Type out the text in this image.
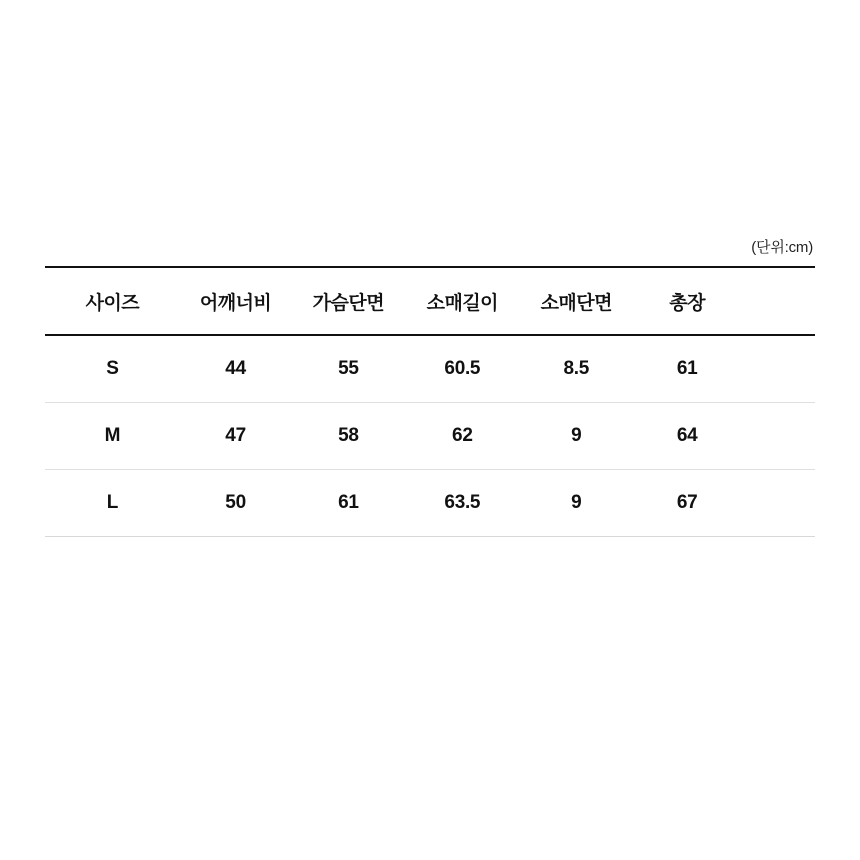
(단위:cm)
사이즈	어깨너비	가슴단면	소매길이	소매단면	총장	
S	44	55	60.5	8.5	61	
M	47	58	62	9	64	
L	50	61	63.5	9	67	
